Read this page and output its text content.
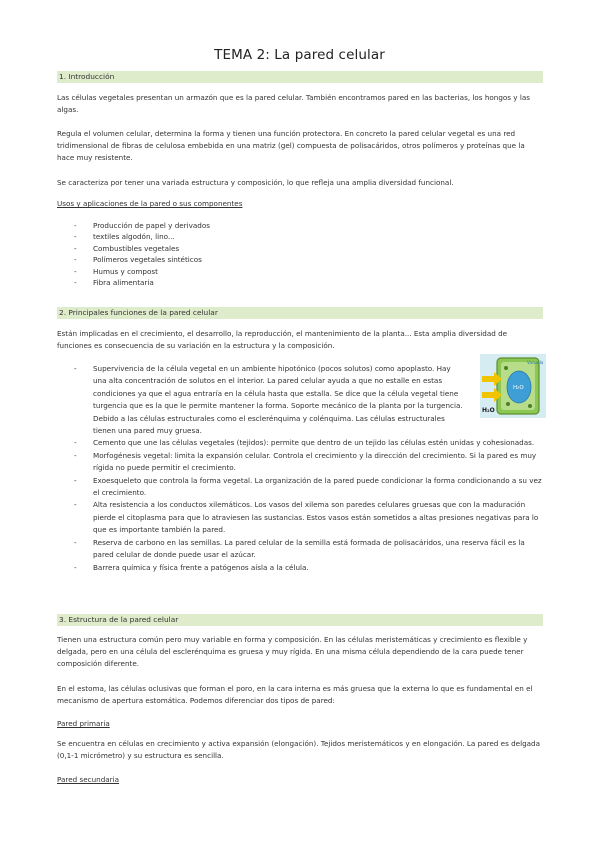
TEMA 2: La pared celular
1. Introducción

Las células vegetales presentan un armazón que es la pared celular. También encontramos pared en las bacterias, los hongos y las algas.

Regula el volumen celular, determina la forma y tienen una función protectora. En concreto la pared celular vegetal es una red tridimensional de fibras de celulosa embebida en una matriz (gel) compuesta de polisacáridos, otros polímeros y proteínas que la hace muy resistente.

Se caracteriza por tener una variada estructura y composición, lo que refleja una amplia diversidad funcional.

Usos y aplicaciones de la pared o sus componentes
- Producción de papel y derivados
- textiles algodón, lino...
- Combustibles vegetales
- Polímeros vegetales sintéticos
- Humus y compost
- Fibra alimentaria
2. Principales funciones de la pared celular

Están implicadas en el crecimiento, el desarrollo, la reproducción, el mantenimiento de la planta... Esta amplia diversidad de funciones es consecuencia de su variación en la estructura y la composición.

- Supervivencia de la célula vegetal en un ambiente hipotónico (pocos solutos) como apoplasto. Hay una alta concentración de solutos en el interior. La pared celular ayuda a que no estalle en estas condiciones ya que el agua entraría en la célula hasta que estalla. Se dice que la célula vegetal tiene turgencia que es la que le permite mantener la forma. Soporte mecánico de la planta por la turgencia. Debido a las células estructurales como el esclerénquima y colénquima. Las células estructurales tienen una pared muy gruesa.
- Cemento que une las células vegetales (tejidos): permite que dentro de un tejido las células estén unidas y cohesionadas.
- Morfogénesis vegetal: limita la expansión celular. Controla el crecimiento y la dirección del crecimiento. Si la pared es muy rígida no puede permitir el crecimiento.
- Exoesqueleto que controla la forma vegetal. La organización de la pared puede condicionar la forma condicionando a su vez el crecimiento.
- Alta resistencia a los conductos xilemáticos. Los vasos del xilema son paredes celulares gruesas que con la maduración pierde el citoplasma para que lo atraviesen las sustancias. Estos vasos están sometidos a altas presiones negativas para lo que es importante también la pared.
- Reserva de carbono en las semillas. La pared celular de la semilla está formada de polisacáridos, una reserva fácil es la pared celular de donde puede usar el azúcar.
- Barrera química y física frente a patógenos aísla a la célula.
H₂O
H₂O
Vacuola
3. Estructura de la pared celular

Tienen una estructura común pero muy variable en forma y composición. En las células meristemáticas y crecimiento es flexible y delgada, pero en una célula del esclerénquima es gruesa y muy rígida. En una misma célula dependiendo de la cara puede tener composición diferente.

En el estoma, las células oclusivas que forman el poro, en la cara interna es más gruesa que la externa lo que es fundamental en el mecanismo de apertura estomática. Podemos diferenciar dos tipos de pared:

Pared primaria

Se encuentra en células en crecimiento y activa expansión (elongación). Tejidos meristemáticos y en elongación. La pared es delgada (0,1-1 micrómetro) y su estructura es sencilla.

Pared secundaria
